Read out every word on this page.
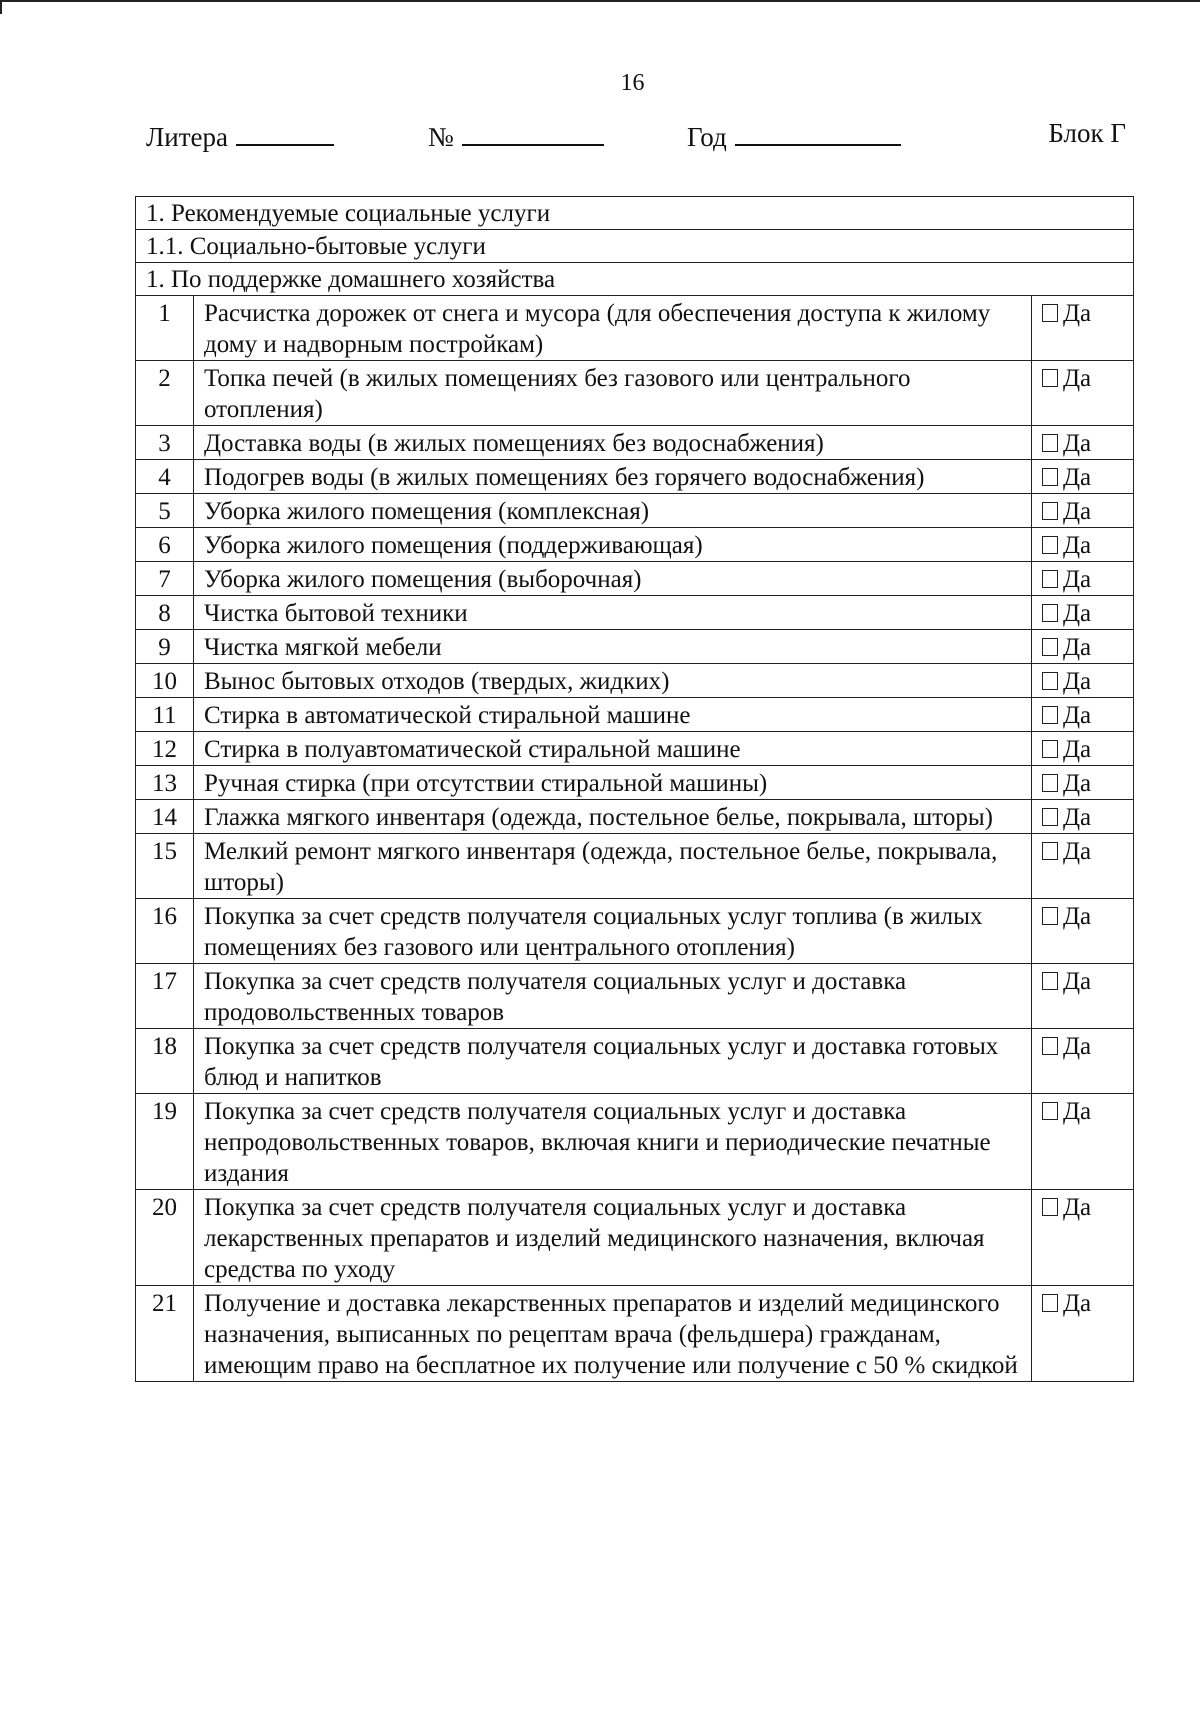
16
Литера	№	Год	Блок Г
1. Рекомендуемые социальные услуги		
1.1. Социально-бытовые услуги		
1. По поддержке домашнего хозяйства		
1	Расчистка дорожек от снега и мусора (для обеспечения доступа к жилому дому и надворным постройкам)	Да
2	Топка печей (в жилых помещениях без газового или центрального отопления)	Да
3	Доставка воды (в жилых помещениях без водоснабжения)	Да
4	Подогрев воды (в жилых помещениях без горячего водоснабжения)	Да
5	Уборка жилого помещения (комплексная)	Да
6	Уборка жилого помещения (поддерживающая)	Да
7	Уборка жилого помещения (выборочная)	Да
8	Чистка бытовой техники	Да
9	Чистка мягкой мебели	Да
10	Вынос бытовых отходов (твердых, жидких)	Да
11	Стирка в автоматической стиральной машине	Да
12	Стирка в полуавтоматической стиральной машине	Да
13	Ручная стирка (при отсутствии стиральной машины)	Да
14	Глажка мягкого инвентаря (одежда, постельное белье, покрывала, шторы)	Да
15	Мелкий ремонт мягкого инвентаря (одежда, постельное белье, покрывала, шторы)	Да
16	Покупка за счет средств получателя социальных услуг топлива (в жилых помещениях без газового или центрального отопления)	Да
17	Покупка за счет средств получателя социальных услуг и доставка продовольственных товаров	Да
18	Покупка за счет средств получателя социальных услуг и доставка готовых блюд и напитков	Да
19	Покупка за счет средств получателя социальных услуг и доставка непродовольственных товаров, включая книги и периодические печатные издания	Да
20	Покупка за счет средств получателя социальных услуг и доставка лекарственных препаратов и изделий медицинского назначения, включая средства по уходу	Да
21	Получение и доставка лекарственных препаратов и изделий медицинского назначения, выписанных по рецептам врача (фельдшера) гражданам, имеющим право на бесплатное их получение или получение с 50 % скидкой	Да
